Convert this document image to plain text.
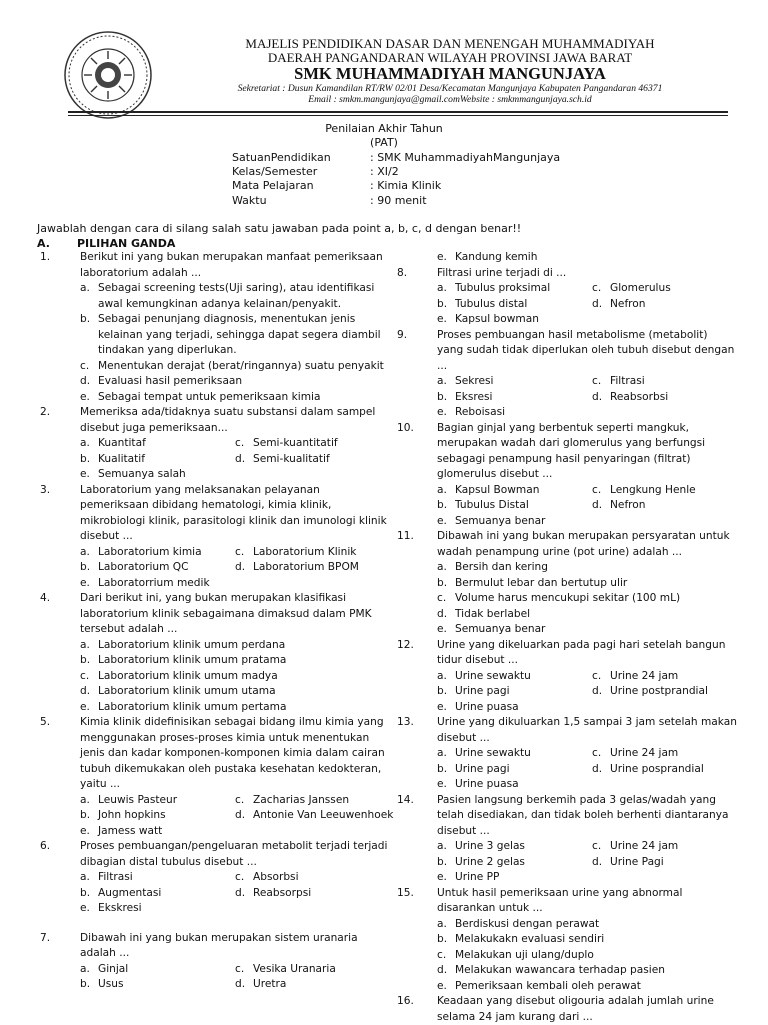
MAJELIS PENDIDIKAN DASAR DAN MENENGAH MUHAMMADIYAH
DAERAH PANGANDARAN WILAYAH PROVINSI JAWA BARAT
SMK MUHAMMADIYAH MANGUNJAYA
Sekretariat : Dusun Kamandilan RT/RW 02/01 Desa/Kecamatan Mangunjaya Kabupaten Pangandaran 46371
Email : smkm.mangunjaya@gmail.comWebsite : smkmmangunjaya.sch.id
Penilaian Akhir Tahun
(PAT)
SatuanPendidikan	: SMK MuhammadiyahMangunjaya
Kelas/Semester	: XI/2
Mata Pelajaran	: Kimia Klinik
Waktu	: 90 menit
Jawablah dengan cara di silang salah satu jawaban pada point a, b, c, d dengan benar!!
A. PILIHAN GANDA
1.	Berikut ini yang bukan merupakan manfaat pemeriksaan laboratorium adalah ...
a. Sebagai screening tests(Uji saring), atau identifikasi awal kemungkinan adanya kelainan/penyakit.
b. Sebagai penunjang diagnosis, menentukan jenis kelainan yang terjadi, sehingga dapat segera diambil tindakan yang diperlukan.
c. Menentukan derajat (berat/ringannya) suatu penyakit
d. Evaluasi hasil pemeriksaan
e. Sebagai tempat untuk pemeriksaan kimia
2.	Memeriksa ada/tidaknya suatu substansi dalam sampel disebut juga pemeriksaan...
a. Kuantitaf	c. Semi-kuantitatif
b. Kualitatif	d. Semi-kualitatif
e. Semuanya salah
3.	Laboratorium yang melaksanakan pelayanan pemeriksaan dibidang hematologi, kimia klinik, mikrobiologi klinik, parasitologi klinik dan imunologi klinik disebut ...
a. Laboratorium kimia	c. Laboratorium Klinik
b. Laboratorium QC	d. Laboratorium BPOM
e. Laboratorrium medik
4.	Dari berikut ini, yang bukan merupakan klasifikasi laboratorium klinik sebagaimana dimaksud dalam PMK tersebut adalah ...
a. Laboratorium klinik umum perdana
b. Laboratorium klinik umum pratama
c. Laboratorium klinik umum madya
d. Laboratorium klinik umum utama
e. Laboratorium klinik umum pertama
5.	Kimia klinik didefinisikan sebagai bidang ilmu kimia yang menggunakan proses-proses kimia untuk menentukan jenis dan kadar komponen-komponen kimia dalam cairan tubuh dikemukakan oleh pustaka kesehatan kedokteran, yaitu ...
a. Leuwis Pasteur	c. Zacharias Janssen
b. John hopkins	d. Antonie Van Leeuwenhoek
e. Jamess watt
6.	Proses pembuangan/pengeluaran metabolit terjadi terjadi dibagian distal tubulus disebut ...
a. Filtrasi	c. Absorbsi
b. Augmentasi	d. Reabsorpsi
e. Ekskresi
7.	Dibawah ini yang bukan merupakan sistem uranaria adalah ...
a. Ginjal	c. Vesika Uranaria
b. Usus	d. Uretra
e. Kandung kemih
8.	Filtrasi urine terjadi di ...
a. Tubulus proksimal	c. Glomerulus
b. Tubulus distal	d. Nefron
e. Kapsul bowman
9.	Proses pembuangan hasil metabolisme (metabolit) yang sudah tidak diperlukan oleh tubuh disebut dengan ...
a. Sekresi	c. Filtrasi
b. Eksresi	d. Reabsorbsi
e. Reboisasi
10. Bagian ginjal yang berbentuk seperti mangkuk, merupakan wadah dari glomerulus yang berfungsi sebagagi penampung hasil penyaringan (filtrat) glomerulus disebut ...
a. Kapsul Bowman	c. Lengkung Henle
b. Tubulus Distal	d. Nefron
e. Semuanya benar
11. Dibawah ini yang bukan merupakan persyaratan untuk wadah penampung urine (pot urine) adalah ...
a. Bersih dan kering
b. Bermulut lebar dan bertutup ulir
c. Volume harus mencukupi sekitar (100 mL)
d. Tidak berlabel
e. Semuanya benar
12. Urine yang dikeluarkan pada pagi hari setelah bangun tidur disebut ...
a. Urine sewaktu	c. Urine 24 jam
b. Urine pagi	d. Urine postprandial
e. Urine puasa
13. Urine yang dikuluarkan 1,5 sampai 3 jam setelah makan disebut ...
a. Urine sewaktu	c. Urine 24 jam
b. Urine pagi	d. Urine posprandial
e. Urine puasa
14. Pasien langsung berkemih pada 3 gelas/wadah yang telah disediakan, dan tidak boleh berhenti diantaranya disebut ...
a. Urine 3 gelas	c. Urine 24 jam
b. Urine 2 gelas	d. Urine Pagi
e. Urine PP
15. Untuk hasil pemeriksaan urine yang abnormal disarankan untuk ...
a. Berdiskusi dengan perawat
b. Melakukakn evaluasi sendiri
c. Melakukan uji ulang/duplo
d. Melakukan wawancara terhadap pasien
e. Pemeriksaan kembali oleh perawat
16. Keadaan yang disebut oligouria adalah jumlah urine selama 24 jam kurang dari ...
